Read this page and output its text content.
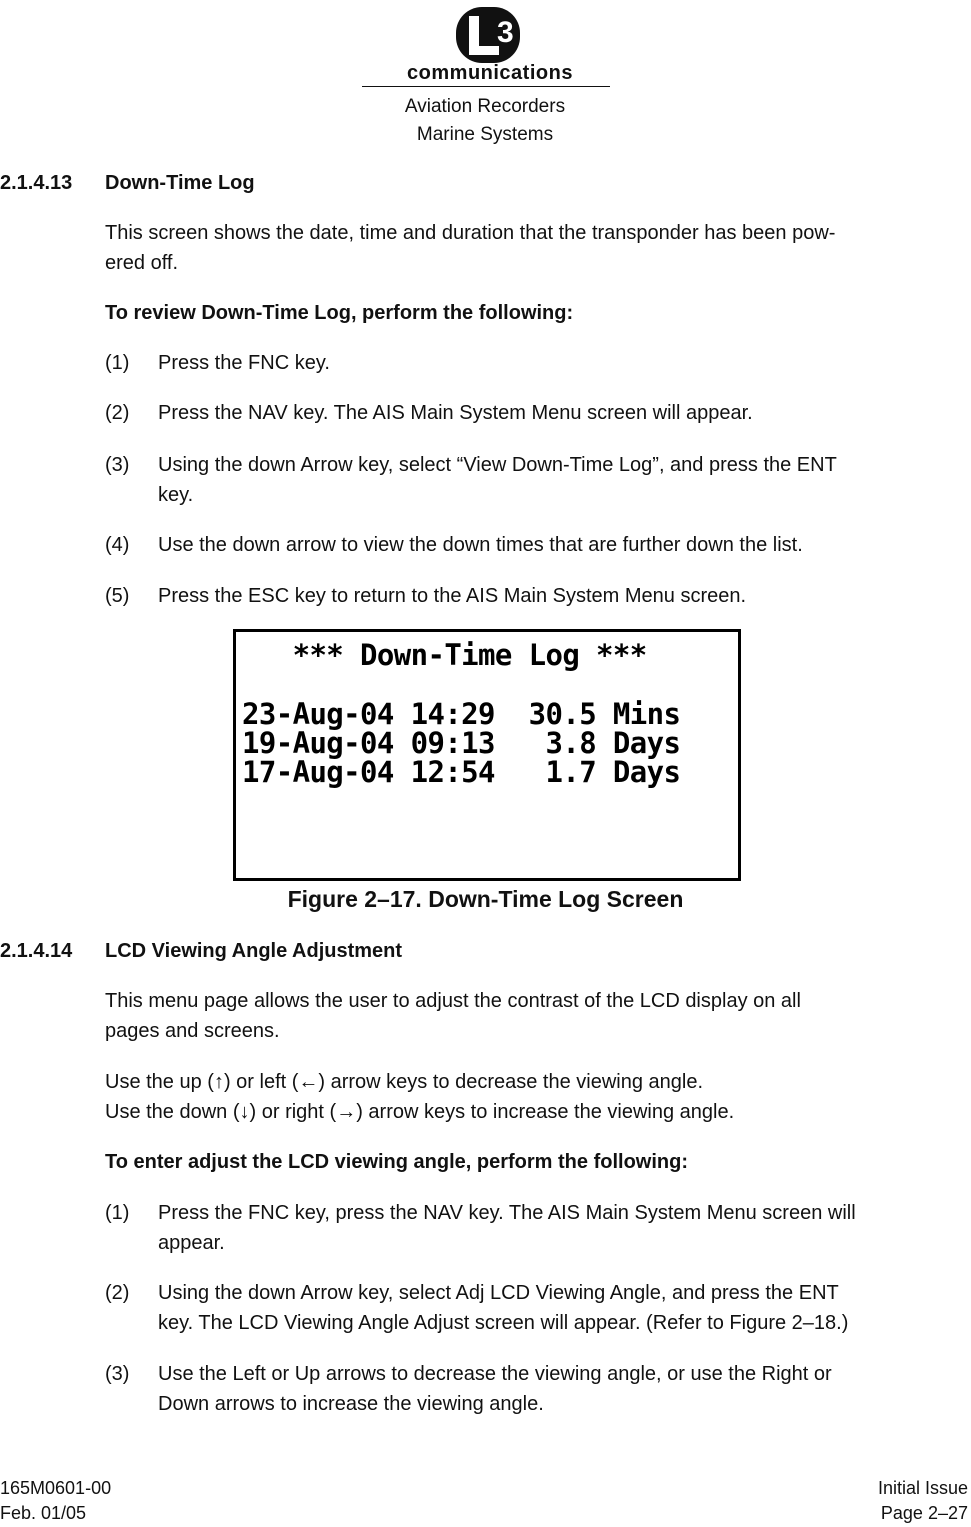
3
communications
Aviation Recorders
Marine Systems
2.1.4.13 Down-Time Log
This screen shows the date, time and duration that the transponder has been pow-
ered off.
To review Down-Time Log, perform the following:
(1) Press the FNC key.
(2) Press the NAV key. The AIS Main System Menu screen will appear.
(3) Using the down Arrow key, select “View Down-Time Log”, and press the ENT
key.
(4) Use the down arrow to view the down times that are further down the list.
(5) Press the ESC key to return to the AIS Main System Menu screen.
*** Down-Time Log ***
23-Aug-04 14:29  30.5 Mins
19-Aug-04 09:13   3.8 Days
17-Aug-04 12:54   1.7 Days
Figure 2–17. Down-Time Log Screen
2.1.4.14 LCD Viewing Angle Adjustment
This menu page allows the user to adjust the contrast of the LCD display on all
pages and screens.
Use the up (↑) or left (←) arrow keys to decrease the viewing angle.
Use the down (↓) or right (→) arrow keys to increase the viewing angle.
To enter adjust the LCD viewing angle, perform the following:
(1) Press the FNC key, press the NAV key. The AIS Main System Menu screen will
appear.
(2) Using the down Arrow key, select Adj LCD Viewing Angle, and press the ENT
key. The LCD Viewing Angle Adjust screen will appear. (Refer to Figure 2–18.)
(3) Use the Left or Up arrows to decrease the viewing angle, or use the Right or
Down arrows to increase the viewing angle.
165M0601-00
Feb. 01/05
Initial Issue
Page 2–27
